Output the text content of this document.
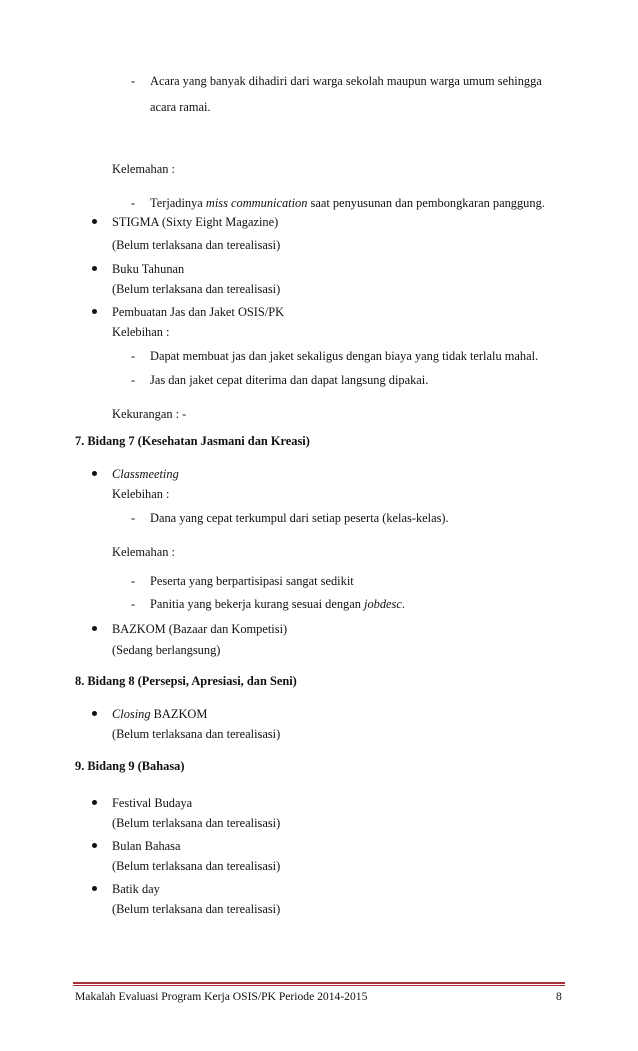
- Acara yang banyak dihadiri dari warga sekolah maupun warga umum sehingga
acara ramai.
Kelemahan :
- Terjadinya miss communication saat penyusunan dan pembongkaran panggung.
STIGMA (Sixty Eight Magazine)
(Belum terlaksana dan terealisasi)
Buku Tahunan
(Belum terlaksana dan terealisasi)
Pembuatan Jas dan Jaket OSIS/PK
Kelebihan :
- Dapat membuat jas dan jaket sekaligus dengan biaya yang tidak terlalu mahal.
- Jas dan jaket cepat diterima dan dapat langsung dipakai.
Kekurangan : -
7. Bidang 7 (Kesehatan Jasmani dan Kreasi)
Classmeeting
Kelebihan :
- Dana yang cepat terkumpul dari setiap peserta (kelas-kelas).
Kelemahan :
- Peserta yang berpartisipasi sangat sedikit
- Panitia yang bekerja kurang sesuai dengan jobdesc.
BAZKOM (Bazaar dan Kompetisi)
(Sedang berlangsung)
8. Bidang 8 (Persepsi, Apresiasi, dan Seni)
Closing BAZKOM
(Belum terlaksana dan terealisasi)
9. Bidang 9 (Bahasa)
Festival Budaya
(Belum terlaksana dan terealisasi)
Bulan Bahasa
(Belum terlaksana dan terealisasi)
Batik day
(Belum terlaksana dan terealisasi)
Makalah Evaluasi Program Kerja OSIS/PK Periode 2014-2015	8
